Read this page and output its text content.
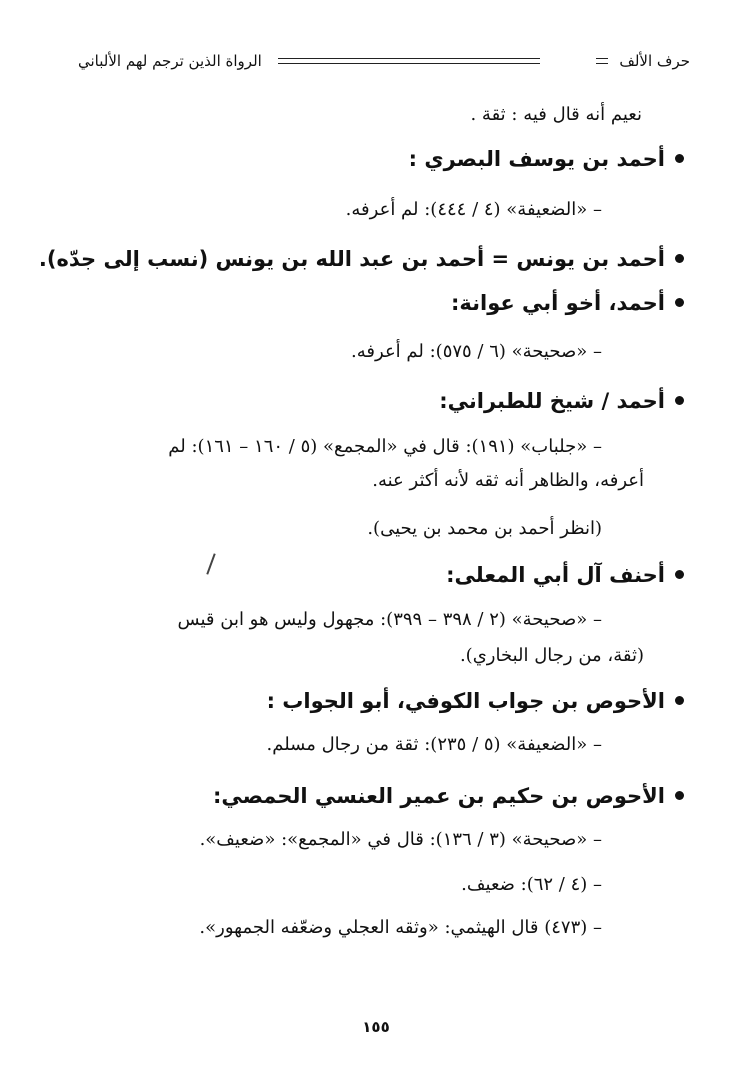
حرف الألف
الرواة الذين ترجم لهم الألباني
نعيم أنه قال فيه : ثقة .
أحمد بن يوسف البصري :
– «الضعيفة» (٤ / ٤٤٤): لم أعرفه.
أحمد بن يونس = أحمد بن عبد الله بن يونس (نسب إلى جدّه).
أحمد، أخو أبي عوانة:
– «صحيحة» (٦ / ٥٧٥): لم أعرفه.
أحمد / شيخ للطبراني:
– «جلباب» (١٩١): قال في «المجمع» (٥ / ١٦٠ – ١٦١): لم
أعرفه، والظاهر أنه ثقه لأنه أكثر عنه.
(انظر أحمد بن محمد بن يحيى).
أحنف آل أبي المعلى:
– «صحيحة» (٢ / ٣٩٨ – ٣٩٩): مجهول وليس هو ابن قيس
(ثقة، من رجال البخاري).
الأحوص بن جواب الكوفي، أبو الجواب :
– «الضعيفة» (٥ / ٢٣٥): ثقة من رجال مسلم.
الأحوص بن حكيم بن عمير العنسي الحمصي:
– «صحيحة» (٣ / ١٣٦): قال في «المجمع»: «ضعيف».
– (٤ / ٦٢): ضعيف.
– (٤٧٣) قال الهيثمي: «وثقه العجلي وضعّفه الجمهور».
١٥٥
